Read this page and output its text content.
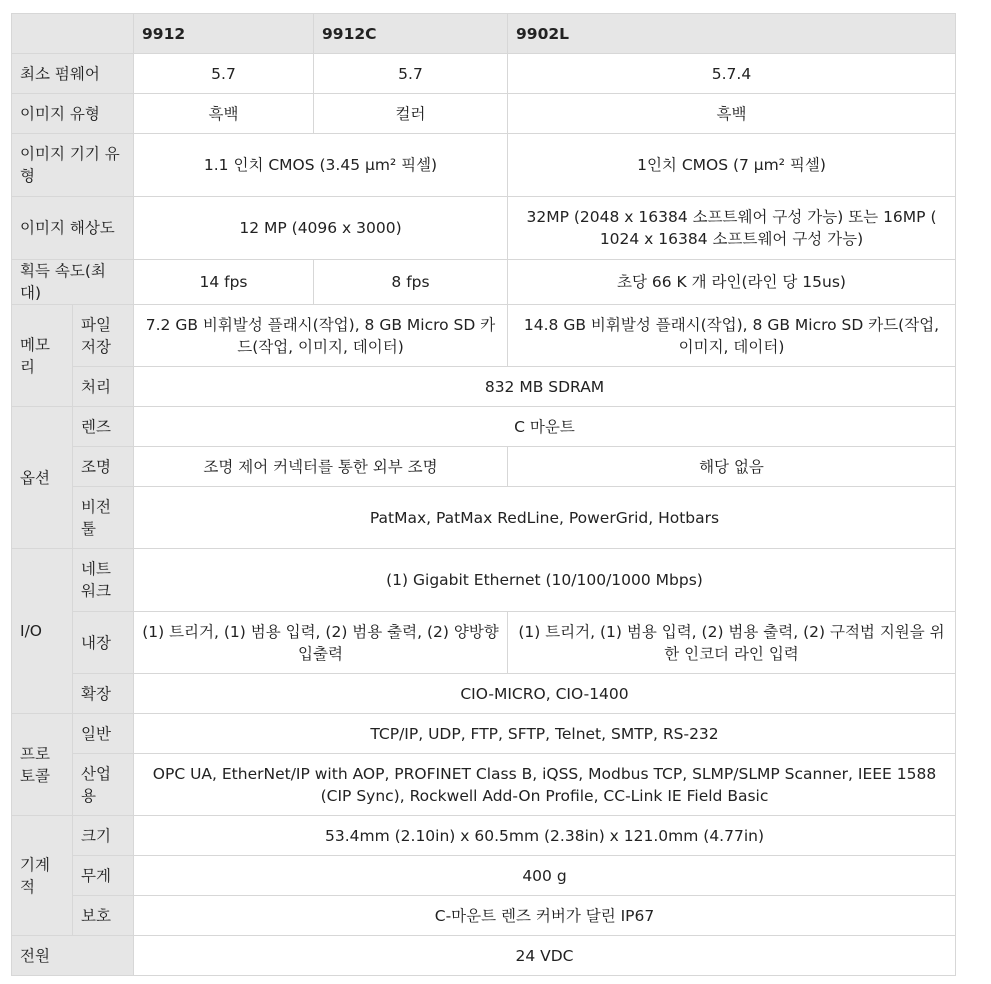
		9912	9912C	9902L
최소 펌웨어		5.7	5.7	5.7.4
이미지 유형		흑백	컬러	흑백
이미지 기기 유형		1.1 인치 CMOS (3.45 μm² 픽셀)		1인치 CMOS (7 μm² 픽셀)
이미지 해상도		12 MP (4096 x 3000)		32MP (2048 x 16384 소프트웨어 구성 가능) 또는 16MP ( 1024 x 16384 소프트웨어 구성 가능)
획득 속도(최대)		14 fps	8 fps	초당 66 K 개 라인(라인 당 15us)
메모리	파일 저장	7.2 GB 비휘발성 플래시(작업), 8 GB Micro SD 카드(작업, 이미지, 데이터)		14.8 GB 비휘발성 플래시(작업), 8 GB Micro SD 카드(작업, 이미지, 데이터)
	처리	832 MB SDRAM		
옵션	렌즈	C 마운트		
	조명	조명 제어 커넥터를 통한 외부 조명		해당 없음
	비전 툴	PatMax, PatMax RedLine, PowerGrid, Hotbars		
I/O	네트워크	(1) Gigabit Ethernet (10/100/1000 Mbps)		
	내장	(1) 트리거, (1) 범용 입력, (2) 범용 출력, (2) 양방향 입출력		(1) 트리거, (1) 범용 입력, (2) 범용 출력, (2) 구적법 지원을 위한 인코더 라인 입력
	확장	CIO-MICRO, CIO-1400		
프로토콜	일반	TCP/IP, UDP, FTP, SFTP, Telnet, SMTP, RS-232		
	산업용	OPC UA, EtherNet/IP with AOP, PROFINET Class B, iQSS, Modbus TCP, SLMP/SLMP Scanner, IEEE 1588 (CIP Sync), Rockwell Add-On Profile, CC-Link IE Field Basic		
기계적	크기	53.4mm (2.10in) x 60.5mm (2.38in) x 121.0mm (4.77in)		
	무게	400 g		
	보호	C-마운트 렌즈 커버가 달린 IP67		
전원		24 VDC		
